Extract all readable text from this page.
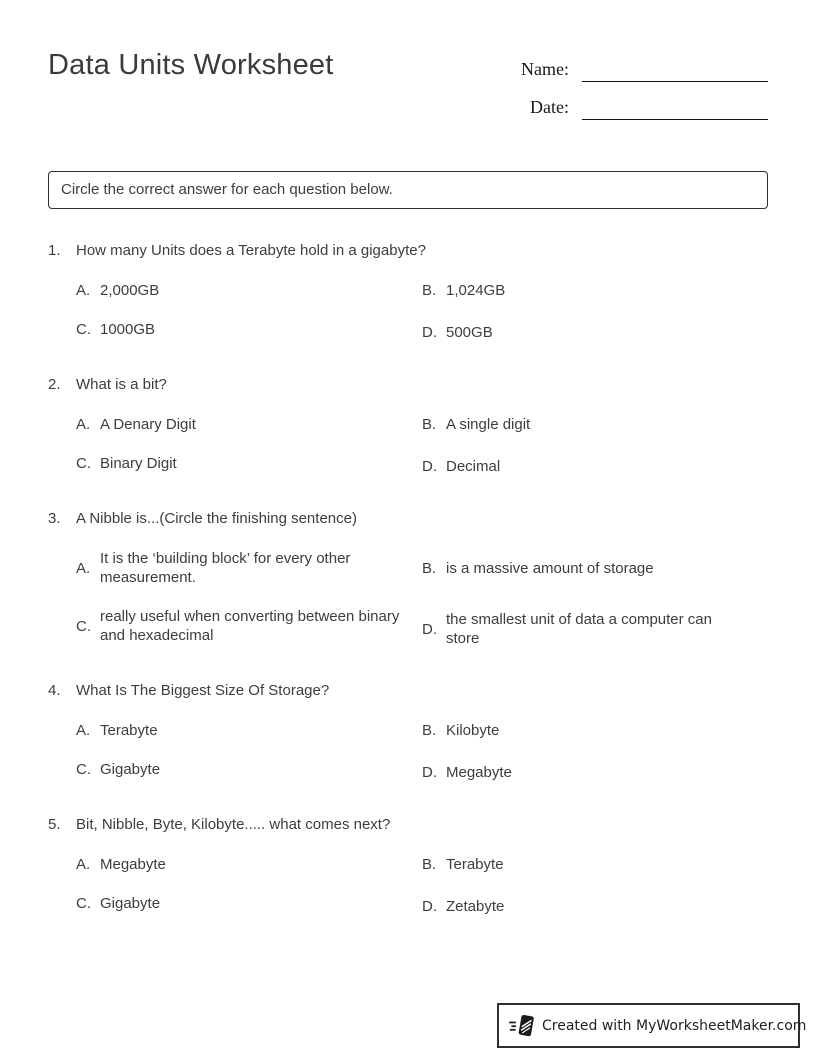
Data Units Worksheet	Name:
Date:
Circle the correct answer for each question below.
1.	How many Units does a Terabyte hold in a gigabyte?
A. 2,000GB	B. 1,024GB
C. 1000GB	D. 500GB
2.	What is a bit?
A. A Denary Digit	B. A single digit
C. Binary Digit	D. Decimal
3.	A Nibble is...(Circle the finishing sentence)
A.
It is the ‘building block’ for every other measurement.
B. is a massive amount of storage
C.
really useful when converting between binary and hexadecimal	D.
the smallest unit of data a computer can store
4.	What Is The Biggest Size Of Storage?
A. Terabyte	B. Kilobyte
C. Gigabyte	D. Megabyte
5.	Bit, Nibble, Byte, Kilobyte..... what comes next?
A. Megabyte	B. Terabyte
C. Gigabyte	D. Zetabyte
Created with MyWorksheetMaker.com
